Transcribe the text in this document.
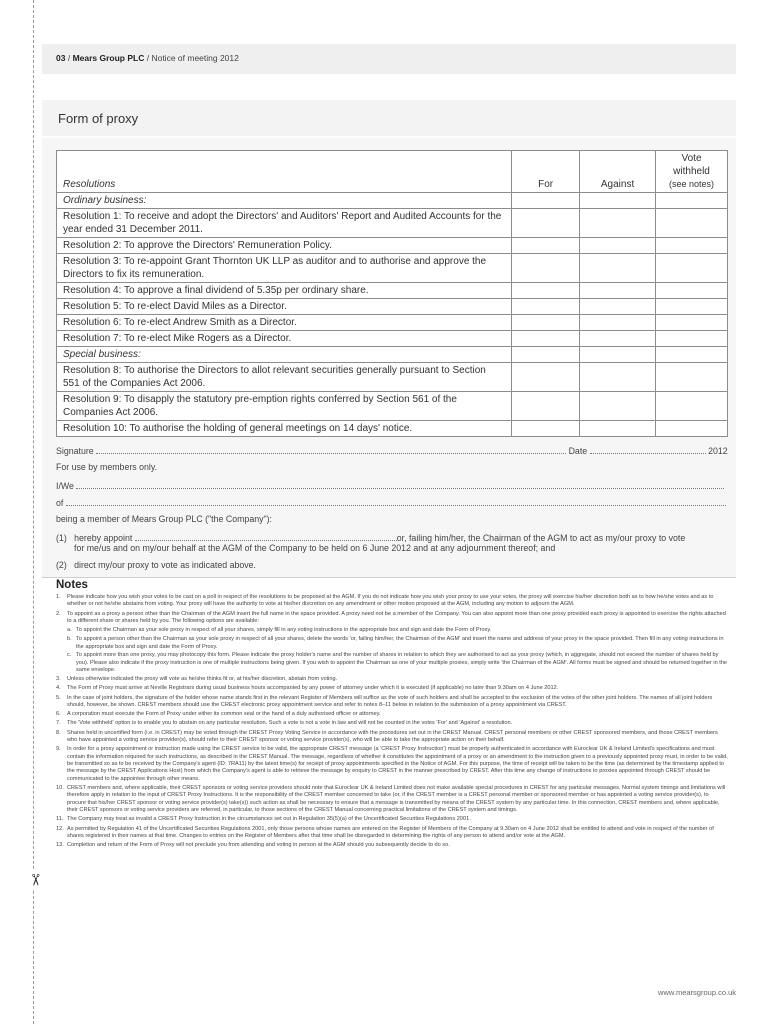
✂
03 / Mears Group PLC / Notice of meeting 2012
Form of proxy
Resolutions	For	Against	Vote withheld
(see notes)

Ordinary business:			
Resolution 1: To receive and adopt the Directors' and Auditors' Report and Audited Accounts for the year ended 31 December 2011.			
Resolution 2: To approve the Directors' Remuneration Policy.			
Resolution 3: To re-appoint Grant Thornton UK LLP as auditor and to authorise and approve the Directors to fix its remuneration.			
Resolution 4: To approve a final dividend of 5.35p per ordinary share.			
Resolution 5: To re-elect David Miles as a Director.			
Resolution 6: To re-elect Andrew Smith as a Director.			
Resolution 7: To re-elect Mike Rogers as a Director.			
Special business:			
Resolution 8: To authorise the Directors to allot relevant securities generally pursuant to Section 551 of the Companies Act 2006.			
Resolution 9: To disapply the statutory pre-emption rights conferred by Section 561 of the Companies Act 2006.			
Resolution 10: To authorise the holding of general meetings on 14 days' notice.			
Signature	Date	2012
For use by members only.
I/We
of
being a member of Mears Group PLC ("the Company"):
(1) hereby appoint	or, failing him/her, the Chairman of the AGM to act as my/our proxy to vote
for me/us and on my/our behalf at the AGM of the Company to be held on 6 June 2012 and at any adjournment thereof; and
(2) direct my/our proxy to vote as indicated above.
Notes
1. Please indicate how you wish your votes to be cast on a poll in respect of the resolutions to be proposed at the AGM. If you do not indicate how you wish your proxy to use your votes, the proxy will exercise his/her discretion both as to how he/she votes and as to whether or not he/she abstains from voting. Your proxy will have the authority to vote at his/her discretion on any amendment or other motion proposed at the AGM, including any motion to adjourn the AGM.
2. To appoint as a proxy a person other than the Chairman of the AGM insert the full name in the space provided. A proxy need not be a member of the Company. You can also appoint more than one proxy provided each proxy is appointed to exercise the rights attached to a different share or shares held by you. The following options are available:
a. To appoint the Chairman as your sole proxy in respect of all your shares, simply fill in any voting instructions in the appropriate box and sign and date the Form of Proxy.
b. To appoint a person other than the Chairman as your sole proxy in respect of all your shares, delete the words 'or, failing him/her, the Chairman of the AGM' and insert the name and address of your proxy in the space provided. Then fill in any voting instructions in the appropriate box and sign and date the Form of Proxy.
c. To appoint more than one proxy, you may photocopy this form. Please indicate the proxy holder's name and the number of shares in relation to which they are authorised to act as your proxy (which, in aggregate, should not exceed the number of shares held by you). Please also indicate if the proxy instruction is one of multiple instructions being given. If you wish to appoint the Chairman as one of your multiple proxies, simply write 'the Chairman of the AGM'. All forms must be signed and should be returned together in the same envelope.
3. Unless otherwise indicated the proxy will vote as he/she thinks fit or, at his/her discretion, abstain from voting.
4. The Form of Proxy must arrive at Neville Registrars during usual business hours accompanied by any power of attorney under which it is executed (if applicable) no later than 9.30am on 4 June 2012.
5. In the case of joint holders, the signature of the holder whose name stands first in the relevant Register of Members will suffice as the vote of such holders and shall be accepted to the exclusion of the votes of the other joint holders. The names of all joint holders should, however, be shown. CREST members should use the CREST electronic proxy appointment service and refer to notes 8–11 below in relation to the submission of a proxy appointment via CREST.
6. A corporation must execute the Form of Proxy under either its common seal or the hand of a duly authorised officer or attorney.
7. The 'Vote withheld' option is to enable you to abstain on any particular resolution. Such a vote is not a vote in law and will not be counted in the votes 'For' and 'Against' a resolution.
8. Shares held in uncertified form (i.e. in CREST) may be voted through the CREST Proxy Voting Service in accordance with the procedures set out in the CREST Manual. CREST personal members or other CREST sponsored members, and those CREST members who have appointed a voting service provider(s), should refer to their CREST sponsor or voting service provider(s), who will be able to take the appropriate action on their behalf.
9. In order for a proxy appointment or instruction made using the CREST service to be valid, the appropriate CREST message (a 'CREST Proxy Instruction') must be properly authenticated in accordance with Euroclear UK & Ireland Limited's specifications and must contain the information required for such instructions, as described in the CREST Manual. The message, regardless of whether it constitutes the appointment of a proxy or an amendment to the instruction given to a previously appointed proxy must, in order to be valid, be transmitted so as to be received by the Company's agent (ID: 7RA11) by the latest time(s) for receipt of proxy appointments specified in the Notice of AGM. For this purpose, the time of receipt will be taken to be the time (as determined by the timestamp applied to the message by the CREST Applications Host) from which the Company's agent is able to retrieve the message by enquiry to CREST in the manner prescribed by CREST. After this time any change of instructions to proxies appointed through CREST should be communicated to the appointee through other means.
10. CREST members and, where applicable, their CREST sponsors or voting service providers should note that Euroclear UK & Ireland Limited does not make available special procedures in CREST for any particular messages. Normal system timings and limitations will therefore apply in relation to the input of CREST Proxy Instructions. It is the responsibility of the CREST member concerned to take (or, if the CREST member is a CREST personal member or sponsored member or has appointed a voting service provider(s), to procure that his/her CREST sponsor or voting service provider(s) take(s)) such action as shall be necessary to ensure that a message is transmitted by means of the CREST system by any particular time. In this connection, CREST members and, where applicable, their CREST sponsors or voting service providers are referred, in particular, to those sections of the CREST Manual concerning practical limitations of the CREST system and timings.
11. The Company may treat as invalid a CREST Proxy Instruction in the circumstances set out in Regulation 35(5)(a) of the Uncertificated Securities Regulations 2001.
12. As permitted by Regulation 41 of the Uncertificated Securities Regulations 2001, only those persons whose names are entered on the Register of Members of the Company at 9.30am on 4 June 2012 shall be entitled to attend and vote in respect of the number of shares registered in their names at that time. Changes to entries on the Register of Members after that time shall be disregarded in determining the rights of any person to attend and/or vote at the AGM.
13. Completion and return of the Form of Proxy will not preclude you from attending and voting in person at the AGM should you subsequently decide to do so.
www.mearsgroup.co.uk
